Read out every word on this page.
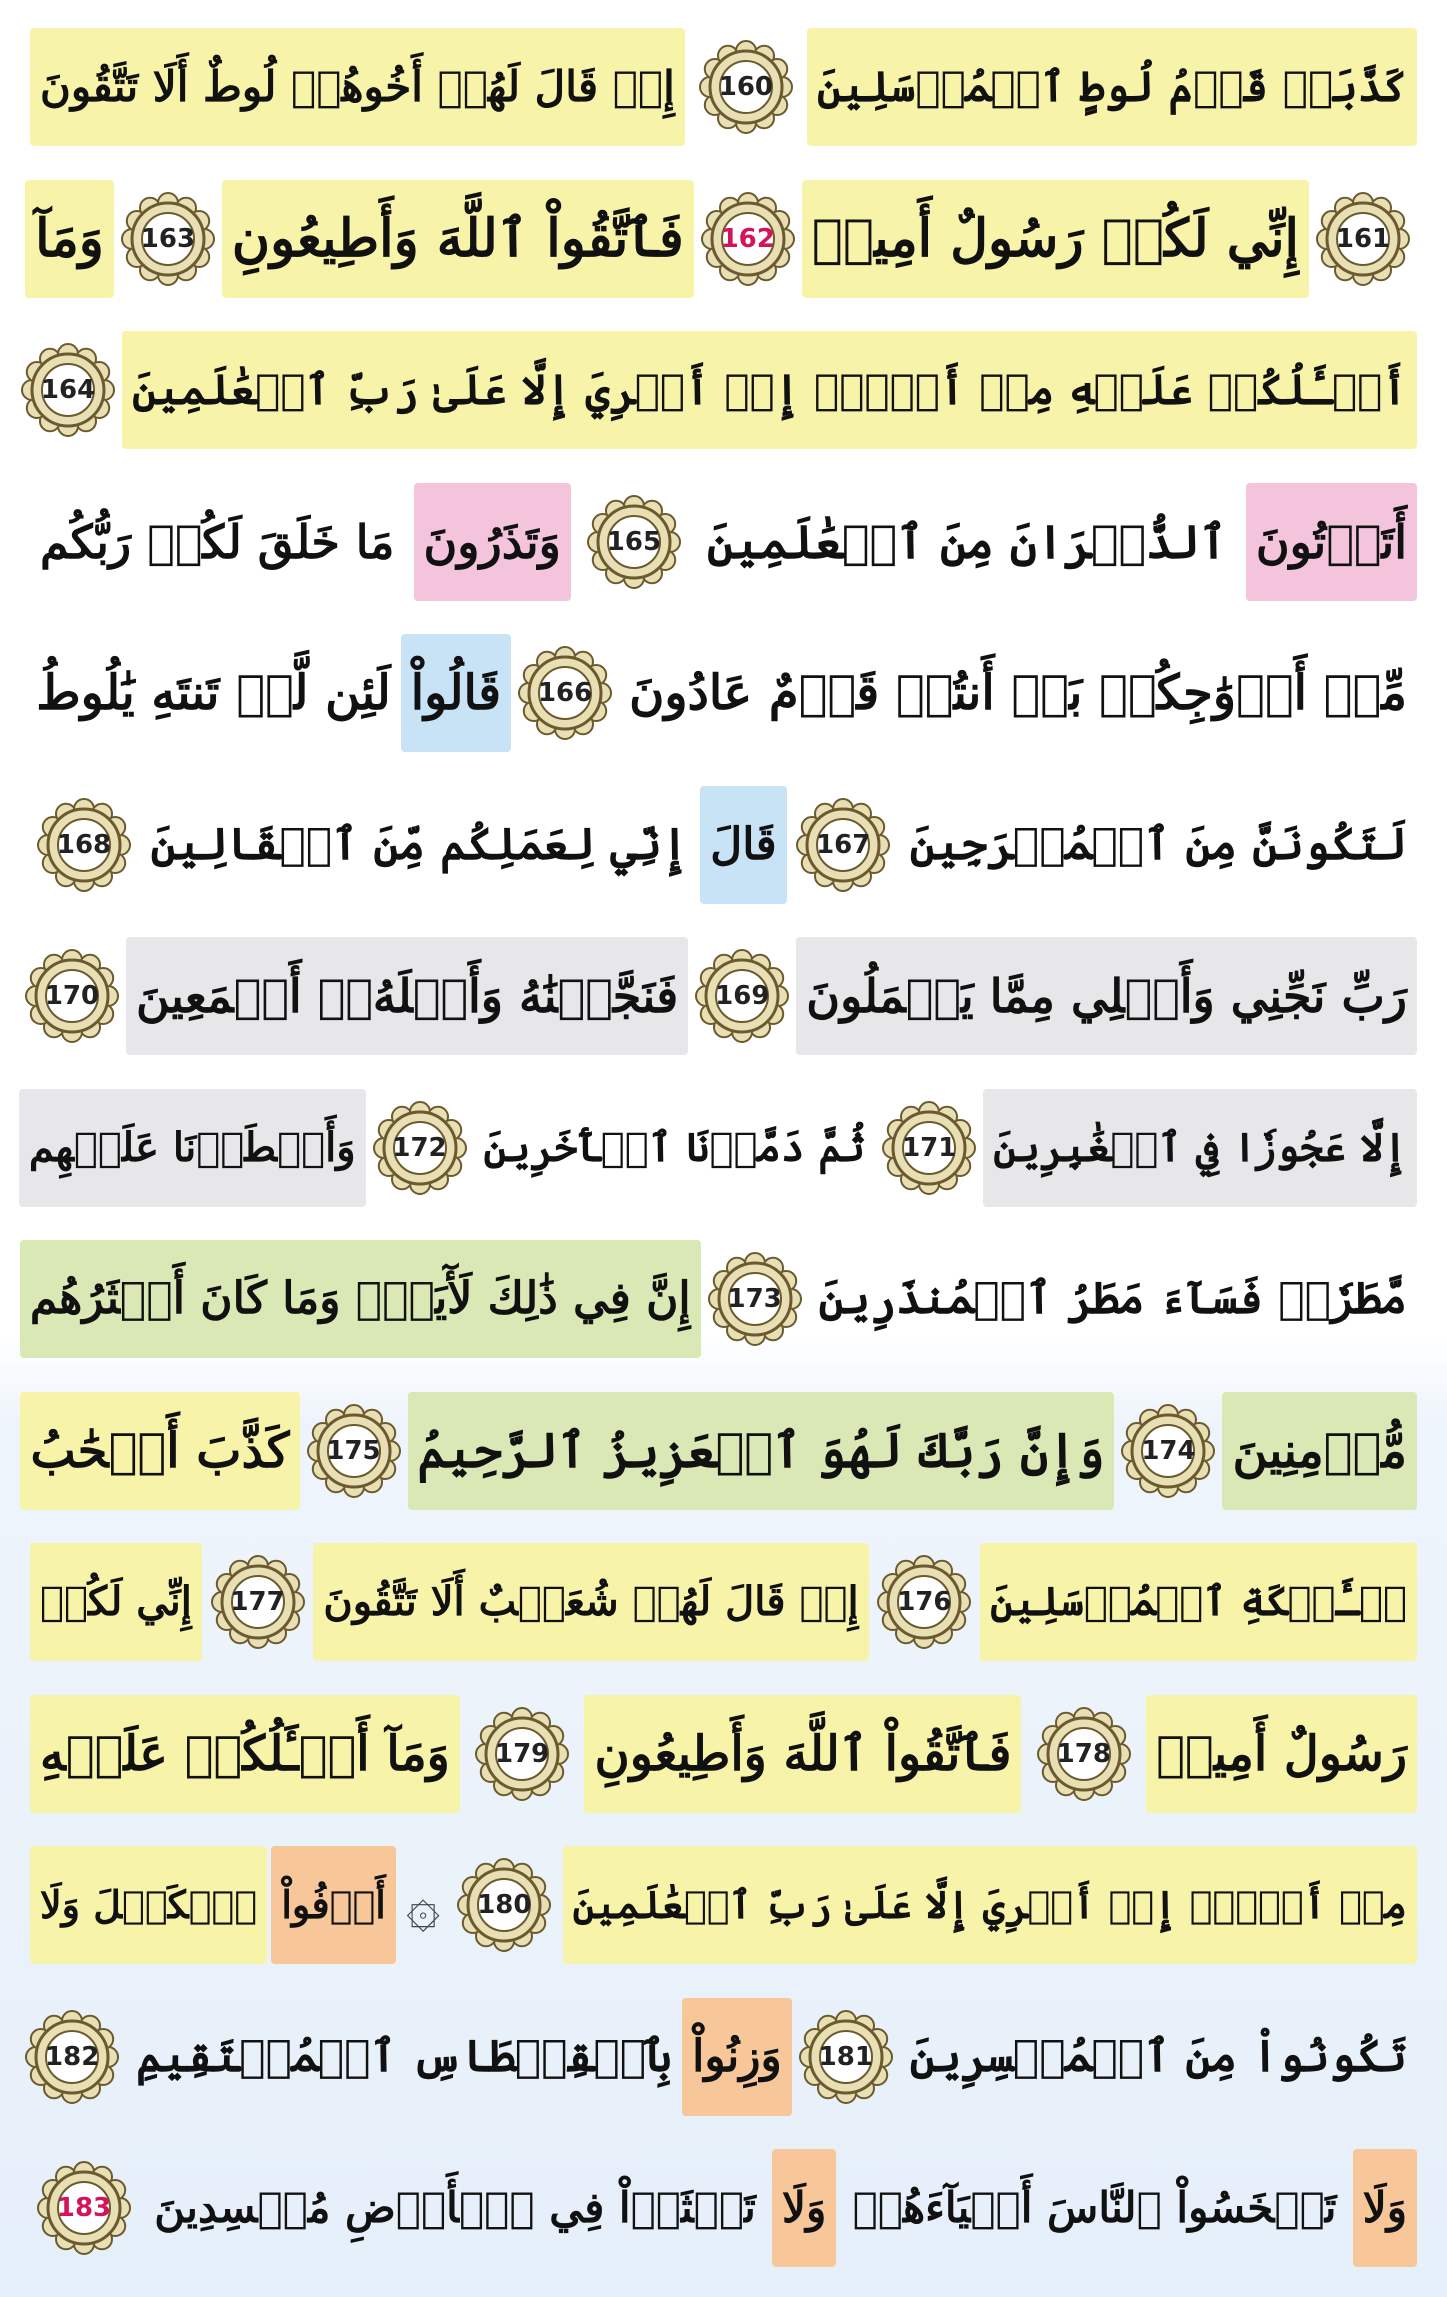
كَذَّبَتۡ قَوۡمُ لُوطٍ ٱلۡمُرۡسَلِينَ
160
إِذۡ قَالَ لَهُمۡ أَخُوهُمۡ لُوطٌ أَلَا تَتَّقُونَ
161
إِنِّي لَكُمۡ رَسُولٌ أَمِينٞ
162
فَٱتَّقُواْ ٱللَّهَ وَأَطِيعُونِ
163
وَمَآ
أَسۡـَٔلُكُمۡ عَلَيۡهِ مِنۡ أَجۡرٍۖ إِنۡ أَجۡرِيَ إِلَّا عَلَىٰ رَبِّ ٱلۡعَٰلَمِينَ
164
أَتَأۡتُونَ
ٱلذُّكۡرَانَ مِنَ ٱلۡعَٰلَمِينَ
165
وَتَذَرُونَ
مَا خَلَقَ لَكُمۡ رَبُّكُم
مِّنۡ أَزۡوَٰجِكُمۚ بَلۡ أَنتُمۡ قَوۡمٌ عَادُونَ
166
قَالُواْ
لَئِن لَّمۡ تَنتَهِ يَٰلُوطُ
لَتَكُونَنَّ مِنَ ٱلۡمُخۡرَجِينَ
167
قَالَ
إِنِّي لِعَمَلِكُم مِّنَ ٱلۡقَالِينَ
168
رَبِّ نَجِّنِي وَأَهۡلِي مِمَّا يَعۡمَلُونَ
169
فَنَجَّيۡنَٰهُ وَأَهۡلَهُۥٓ أَجۡمَعِينَ
170
إِلَّا عَجُوزٗا فِي ٱلۡغَٰبِرِينَ
171
ثُمَّ دَمَّرۡنَا ٱلۡأٓخَرِينَ
172
وَأَمۡطَرۡنَا عَلَيۡهِم
مَّطَرٗاۖ فَسَآءَ مَطَرُ ٱلۡمُنذَرِينَ
173
إِنَّ فِي ذَٰلِكَ لَأٓيَةٗۖ وَمَا كَانَ أَكۡثَرُهُم
مُّؤۡمِنِينَ
174
وَإِنَّ رَبَّكَ لَهُوَ ٱلۡعَزِيزُ ٱلرَّحِيمُ
175
كَذَّبَ أَصۡحَٰبُ
لۡـَٔيۡكَةِ ٱلۡمُرۡسَلِينَ
176
إِذۡ قَالَ لَهُمۡ شُعَيۡبٌ أَلَا تَتَّقُونَ
177
إِنِّي لَكُمۡ
رَسُولٌ أَمِينٞ
178
فَٱتَّقُواْ ٱللَّهَ وَأَطِيعُونِ
179
وَمَآ أَسۡـَٔلُكُمۡ عَلَيۡهِ
مِنۡ أَجۡرٍۖ إِنۡ أَجۡرِيَ إِلَّا عَلَىٰ رَبِّ ٱلۡعَٰلَمِينَ
180
۞
أَوۡفُواْ
ٱلۡكَيۡلَ وَلَا
تَكُونُواْ مِنَ ٱلۡمُخۡسِرِينَ
181
وَزِنُواْ
بِٱلۡقِسۡطَاسِ ٱلۡمُسۡتَقِيمِ
182
وَلَا
تَبۡخَسُواْ ٱلنَّاسَ أَشۡيَآءَهُمۡ
وَلَا
تَعۡثَوۡاْ فِي ٱلۡأَرۡضِ مُفۡسِدِينَ
183
